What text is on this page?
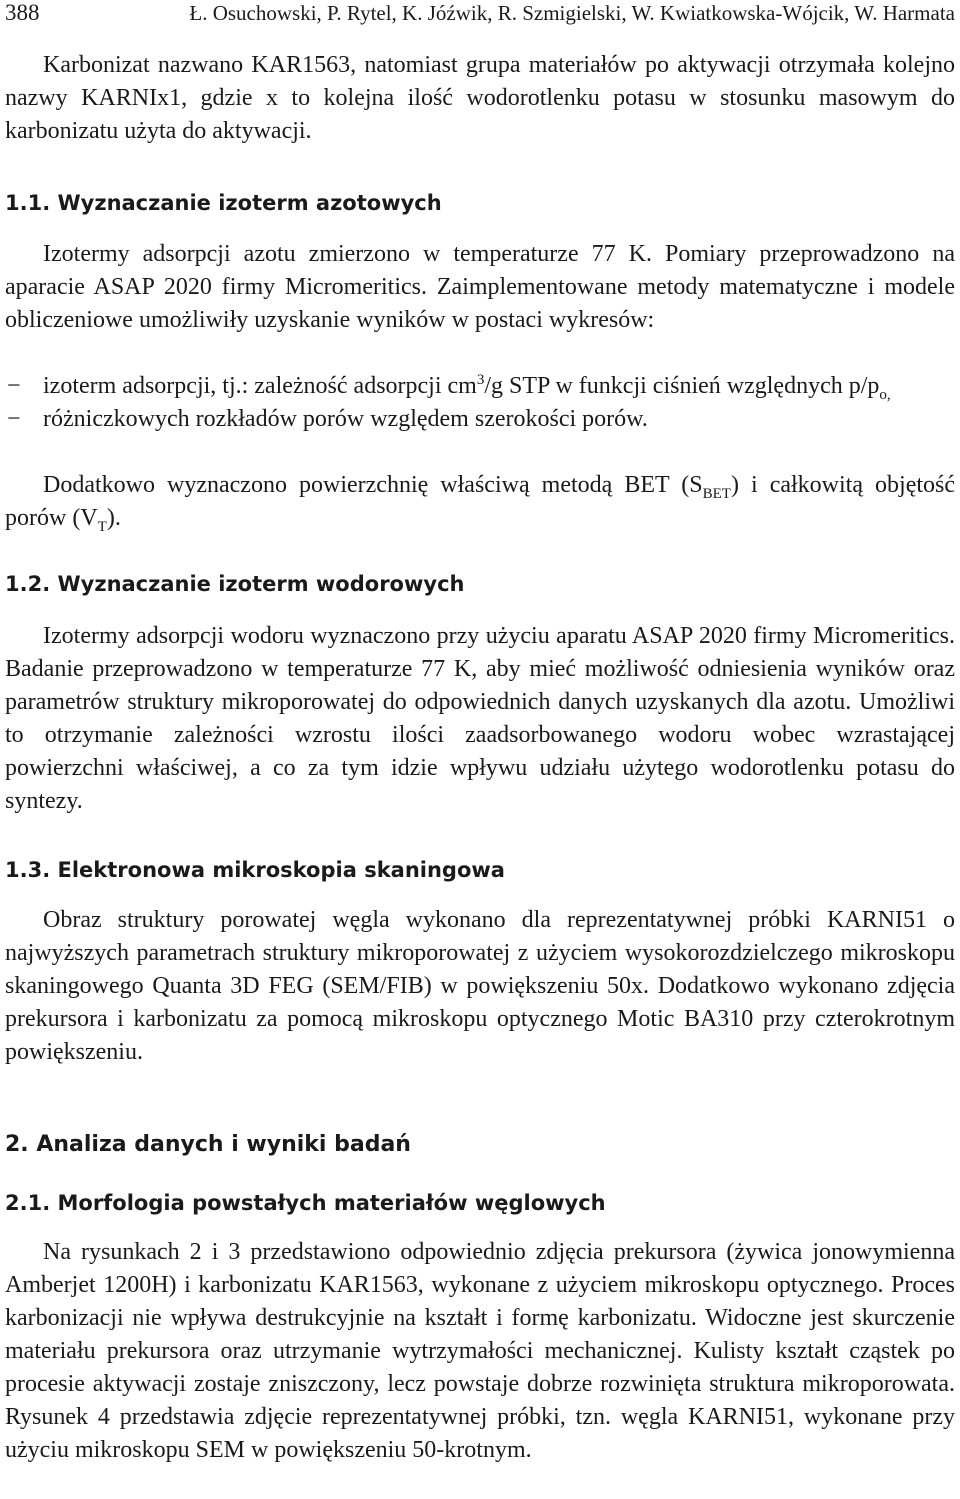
388	Ł. Osuchowski, P. Rytel, K. Jóźwik, R. Szmigielski, W. Kwiatkowska-Wójcik, W. Harmata

Karbonizat nazwano KAR1563, natomiast grupa materiałów po aktywacji otrzymała kolejno nazwy KARNIx1, gdzie x to kolejna ilość wodorotlenku potasu w stosunku masowym do karbonizatu użyta do aktywacji.

1.1. Wyznaczanie izoterm azotowych

Izotermy adsorpcji azotu zmierzono w temperaturze 77 K. Pomiary przeprowadzono na aparacie ASAP 2020 firmy Micromeritics. Zaimplementowane metody matematyczne i modele obliczeniowe umożliwiły uzyskanie wyników w postaci wykresów:

− izoterm adsorpcji, tj.: zależność adsorpcji $cm^3/g$ STP w funkcji ciśnień względnych $p/p_{o,}$
− różniczkowych rozkładów porów względem szerokości porów.

Dodatkowo wyznaczono powierzchnię właściwą metodą BET $(S_{BET})$ i całkowitą objętość porów $(V_T)$.

1.2. Wyznaczanie izoterm wodorowych

Izotermy adsorpcji wodoru wyznaczono przy użyciu aparatu ASAP 2020 firmy Micromeritics. Badanie przeprowadzono w temperaturze 77 K, aby mieć możliwość odniesienia wyników oraz parametrów struktury mikroporowatej do odpowiednich danych uzyskanych dla azotu. Umożliwi to otrzymanie zależności wzrostu ilości zaadsorbowanego wodoru wobec wzrastającej powierzchni właściwej, a co za tym idzie wpływu udziału użytego wodorotlenku potasu do syntezy.

1.3. Elektronowa mikroskopia skaningowa

Obraz struktury porowatej węgla wykonano dla reprezentatywnej próbki KARNI51 o najwyższych parametrach struktury mikroporowatej z użyciem wysokorozdzielczego mikroskopu skaningowego Quanta 3D FEG (SEM/FIB) w powiększeniu 50x. Dodatkowo wykonano zdjęcia prekursora i karbonizatu za pomocą mikroskopu optycznego Motic BA310 przy czterokrotnym powiększeniu.

2. Analiza danych i wyniki badań
2.1. Morfologia powstałych materiałów węglowych

Na rysunkach 2 i 3 przedstawiono odpowiednio zdjęcia prekursora (żywica jonowymienna Amberjet 1200H) i karbonizatu KAR1563, wykonane z użyciem mikroskopu optycznego. Proces karbonizacji nie wpływa destrukcyjnie na kształt i formę karbonizatu. Widoczne jest skurczenie materiału prekursora oraz utrzymanie wytrzymałości mechanicznej. Kulisty kształt cząstek po procesie aktywacji zostaje zniszczony, lecz powstaje dobrze rozwinięta struktura mikroporowata. Rysunek 4 przedstawia zdjęcie reprezentatywnej próbki, tzn. węgla KARNI51, wykonane przy użyciu mikroskopu SEM w powiększeniu 50-krotnym.
